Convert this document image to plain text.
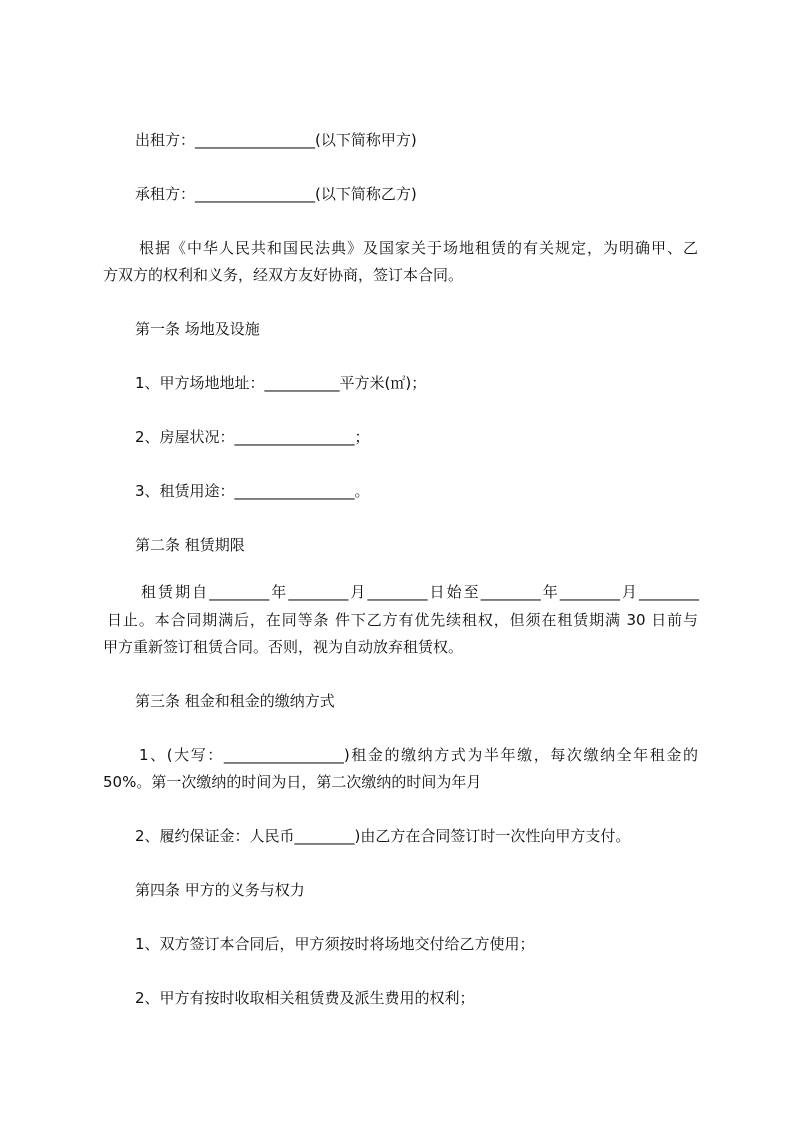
出租方：________________(以下简称甲方)
承租方：________________(以下简称乙方)
根据《中华人民共和国民法典》及国家关于场地租赁的有关规定，为明确甲、乙
方双方的权利和义务，经双方友好协商，签订本合同。
第一条 场地及设施
1、甲方场地地址：__________平方米(㎡)；
2、房屋状况：________________；
3、租赁用途：________________。
第二条 租赁期限
租赁期自________年________月________日始至________年________月________
日止。本合同期满后，在同等条 件下乙方有优先续租权，但须在租赁期满 30 日前与
甲方重新签订租赁合同。否则，视为自动放弃租赁权。
第三条 租金和租金的缴纳方式
1、(大写：________________)租金的缴纳方式为半年缴，每次缴纳全年租金的
50%。第一次缴纳的时间为日，第二次缴纳的时间为年月
2、履约保证金：人民币________)由乙方在合同签订时一次性向甲方支付。
第四条 甲方的义务与权力
1、双方签订本合同后，甲方须按时将场地交付给乙方使用；
2、甲方有按时收取相关租赁费及派生费用的权利；
